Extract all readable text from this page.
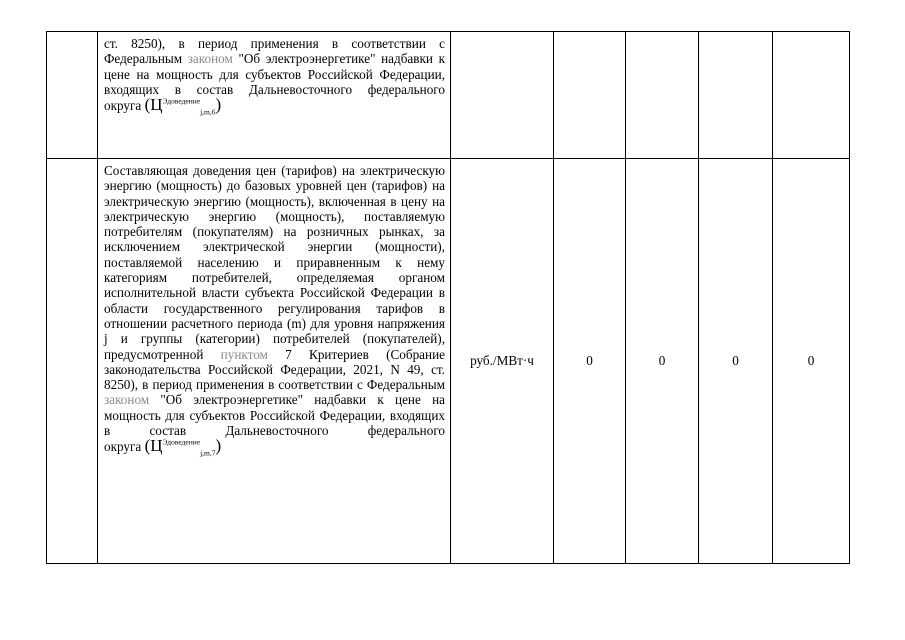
	ст. 8250), в период применения в соответствии с Федеральным законом "Об электроэнергетике" надбавки к цене на мощность для субъектов Российской Федерации, входящих в состав Дальневосточного федерального
округа $(Ц^{Эдоведение}_{j,m,6})$					

	Составляющая доведения цен (тарифов) на электрическую энергию (мощность) до базовых уровней цен (тарифов) на электрическую энергию (мощность), включенная в цену на электрическую энергию (мощность), поставляемую потребителям (покупателям) на розничных рынках, за исключением электрической энергии (мощности), поставляемой населению и приравненным к нему категориям потребителей, определяемая органом исполнительной власти субъекта Российской Федерации в области государственного регулирования тарифов в отношении расчетного периода (m) для уровня напряжения j и группы (категории) потребителей (покупателей), предусмотренной пунктом 7 Критериев (Собрание законодательства Российской Федерации, 2021, N 49, ст. 8250), в период применения в соответствии с Федеральным законом "Об электроэнергетике" надбавки к цене на мощность для субъектов Российской Федерации, входящих в состав Дальневосточного федерального
округа $(Ц^{Эдоведение}_{j,m,7})$	руб./МВт·ч	0	0	0	0
